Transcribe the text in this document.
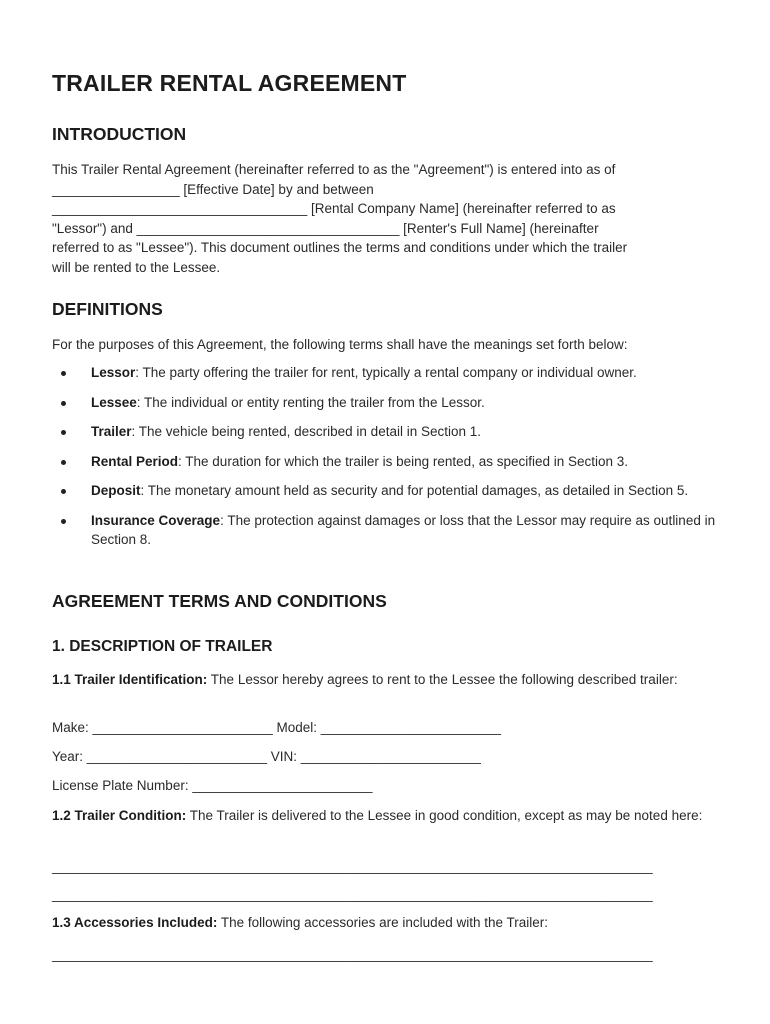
TRAILER RENTAL AGREEMENT
INTRODUCTION

This Trailer Rental Agreement (hereinafter referred to as the "Agreement") is entered into as of

_________________ [Effective Date] by and between

__________________________________ [Rental Company Name] (hereinafter referred to as

"Lessor") and ___________________________________ [Renter's Full Name] (hereinafter

referred to as "Lessee"). This document outlines the terms and conditions under which the trailer

will be rented to the Lessee.

DEFINITIONS

For the purposes of this Agreement, the following terms shall have the meanings set forth below:

Lessor: The party offering the trailer for rent, typically a rental company or individual owner.
Lessee: The individual or entity renting the trailer from the Lessor.
Trailer: The vehicle being rented, described in detail in Section 1.
Rental Period: The duration for which the trailer is being rented, as specified in Section 3.
Deposit: The monetary amount held as security and for potential damages, as detailed in Section 5.
Insurance Coverage: The protection against damages or loss that the Lessor may require as outlined in Section 8.
AGREEMENT TERMS AND CONDITIONS
1. DESCRIPTION OF TRAILER

1.1 Trailer Identification: The Lessor hereby agrees to rent to the Lessee the following described trailer:

Make: ________________________ Model: ________________________

Year: ________________________ VIN: ________________________

License Plate Number: ________________________

1.2 Trailer Condition: The Trailer is delivered to the Lessee in good condition, except as may be noted here:

________________________________________________________________________________

________________________________________________________________________________

1.3 Accessories Included: The following accessories are included with the Trailer:

________________________________________________________________________________
